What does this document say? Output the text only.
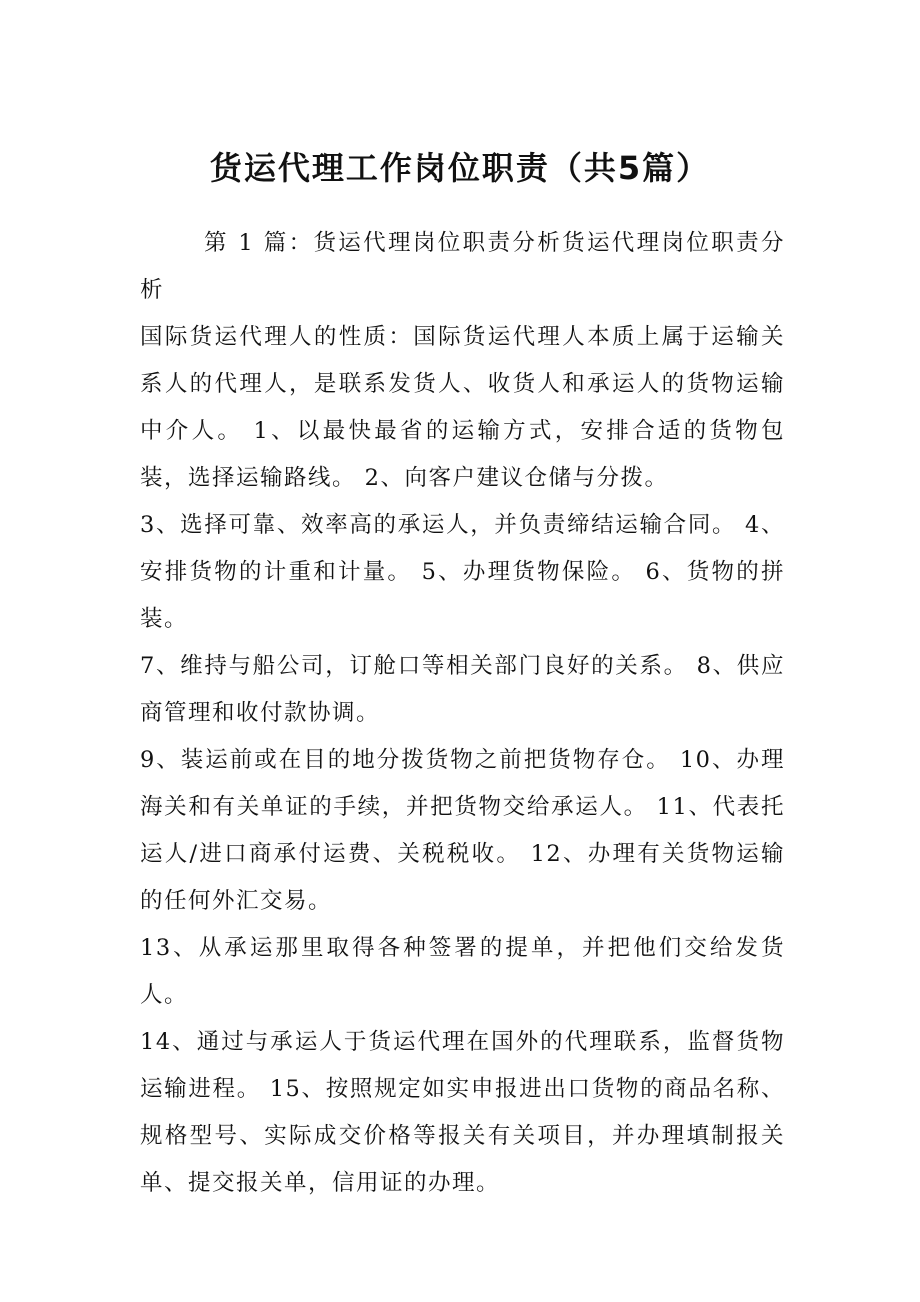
货运代理工作岗位职责（共5篇）

第 1 篇：货运代理岗位职责分析货运代理岗位职责分析

国际货运代理人的性质：国际货运代理人本质上属于运输关系人的代理人，是联系发货人、收货人和承运人的货物运输中介人。 1、以最快最省的运输方式，安排合适的货物包装，选择运输路线。 2、向客户建议仓储与分拨。

3、选择可靠、效率高的承运人，并负责缔结运输合同。 4、安排货物的计重和计量。 5、办理货物保险。 6、货物的拼装。

7、维持与船公司，订舱口等相关部门良好的关系。 8、供应商管理和收付款协调。

9、装运前或在目的地分拨货物之前把货物存仓。 10、办理海关和有关单证的手续，并把货物交给承运人。 11、代表托运人/进口商承付运费、关税税收。 12、办理有关货物运输的任何外汇交易。

13、从承运那里取得各种签署的提单，并把他们交给发货人。

14、通过与承运人于货运代理在国外的代理联系，监督货物运输进程。 15、按照规定如实申报进出口货物的商品名称、规格型号、实际成交价格等报关有关项目，并办理填制报关单、提交报关单，信用证的办理。
